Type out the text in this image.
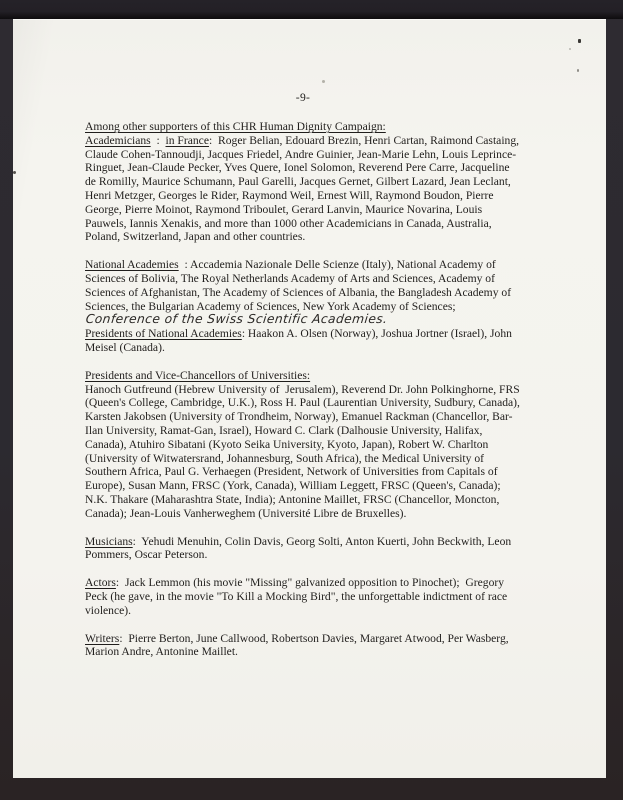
-9-

Among other supporters of this CHR Human Dignity Campaign:
Academicians  :  in France:  Roger Belian, Edouard Brezin, Henri Cartan, Raimond Castaing, Claude Cohen-Tannoudji, Jacques Friedel, Andre Guinier, Jean-Marie Lehn, Louis Leprince-Ringuet, Jean-Claude Pecker, Yves Quere, Ionel Solomon, Reverend Pere Carre, Jacqueline de Romilly, Maurice Schumann, Paul Garelli, Jacques Gernet, Gilbert Lazard, Jean Leclant, Henri Metzger, Georges le Rider, Raymond Weil, Ernest Will, Raymond Boudon, Pierre George, Pierre Moinot, Raymond Triboulet, Gerard Lanvin, Maurice Novarina, Louis Pauwels, Iannis Xenakis, and more than 1000 other Academicians in Canada, Australia, Poland, Switzerland, Japan and other countries.

National Academies  : Accademia Nazionale Delle Scienze (Italy), National Academy of Sciences of Bolivia, The Royal Netherlands Academy of Arts and Sciences, Academy of Sciences of Afghanistan, The Academy of Sciences of Albania, the Bangladesh Academy of Sciences, the Bulgarian Academy of Sciences, New York Academy of Sciences;
Conference of the Swiss Scientific Academies.
Presidents of National Academies: Haakon A. Olsen (Norway), Joshua Jortner (Israel), John Meisel (Canada).

Presidents and Vice-Chancellors of Universities:
Hanoch Gutfreund (Hebrew University of  Jerusalem), Reverend Dr. John Polkinghorne, FRS (Queen's College, Cambridge, U.K.), Ross H. Paul (Laurentian University, Sudbury, Canada), Karsten Jakobsen (University of Trondheim, Norway), Emanuel Rackman (Chancellor, Bar-Ilan University, Ramat-Gan, Israel), Howard C. Clark (Dalhousie University, Halifax, Canada), Atuhiro Sibatani (Kyoto Seika University, Kyoto, Japan), Robert W. Charlton (University of Witwatersrand, Johannesburg, South Africa), the Medical University of Southern Africa, Paul G. Verhaegen (President, Network of Universities from Capitals of Europe), Susan Mann, FRSC (York, Canada), William Leggett, FRSC (Queen's, Canada); N.K. Thakare (Maharashtra State, India); Antonine Maillet, FRSC (Chancellor, Moncton, Canada); Jean-Louis Vanherweghem (Université Libre de Bruxelles).

Musicians:  Yehudi Menuhin, Colin Davis, Georg Solti, Anton Kuerti, John Beckwith, Leon Pommers, Oscar Peterson.

Actors:  Jack Lemmon (his movie "Missing" galvanized opposition to Pinochet);  Gregory Peck (he gave, in the movie "To Kill a Mocking Bird", the unforgettable indictment of race violence).

Writers:  Pierre Berton, June Callwood, Robertson Davies, Margaret Atwood, Per Wasberg, Marion Andre, Antonine Maillet.
